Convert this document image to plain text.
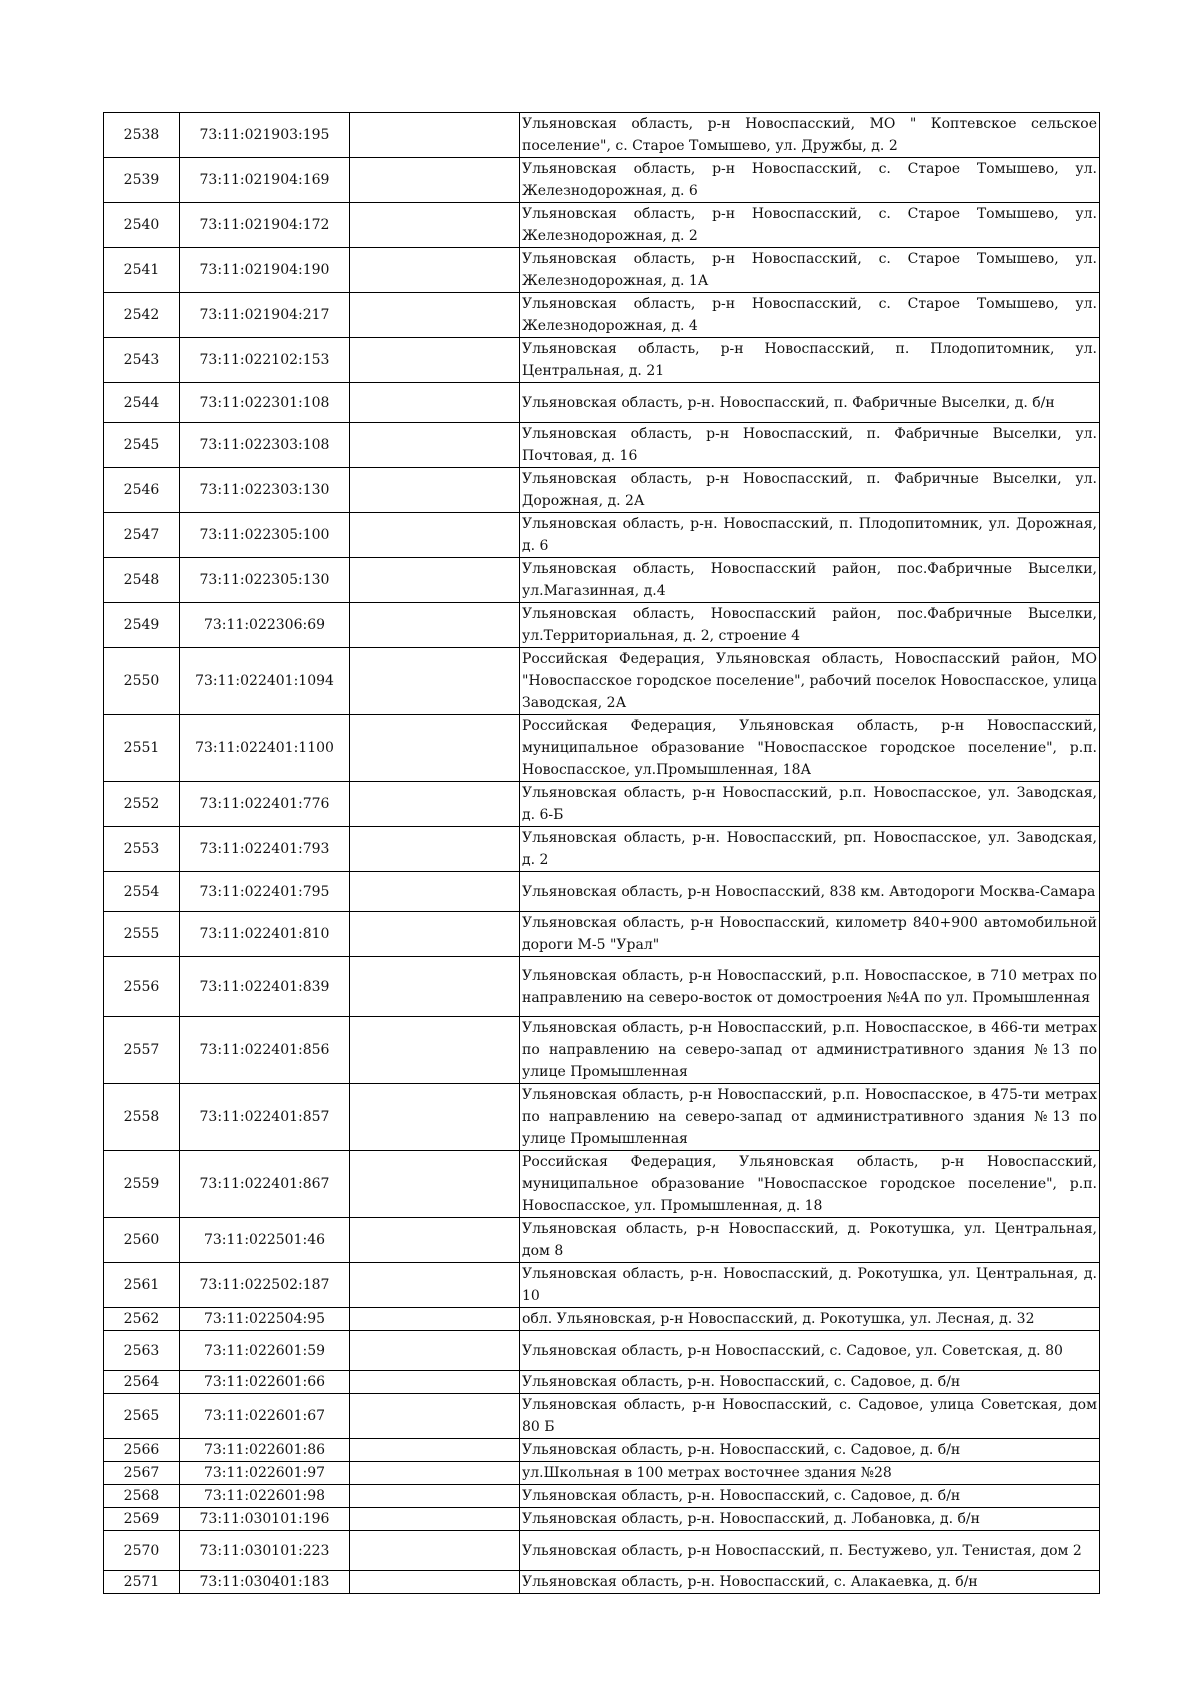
2538	73:11:021903:195		Ульяновская область, р-н Новоспасский, МО " Коптевское сельское поселение", с. Старое Томышево, ул. Дружбы, д. 2
2539	73:11:021904:169		Ульяновская область, р-н Новоспасский, с. Старое Томышево, ул. Железнодорожная, д. 6
2540	73:11:021904:172		Ульяновская область, р-н Новоспасский, с. Старое Томышево, ул. Железнодорожная, д. 2
2541	73:11:021904:190		Ульяновская область, р-н Новоспасский, с. Старое Томышево, ул. Железнодорожная, д. 1А
2542	73:11:021904:217		Ульяновская область, р-н Новоспасский, с. Старое Томышево, ул. Железнодорожная, д. 4
2543	73:11:022102:153		Ульяновская область, р-н Новоспасский, п. Плодопитомник, ул. Центральная, д. 21
2544	73:11:022301:108		Ульяновская область, р-н. Новоспасский, п. Фабричные Выселки, д. б/н
2545	73:11:022303:108		Ульяновская область, р-н Новоспасский, п. Фабричные Выселки, ул. Почтовая, д. 16
2546	73:11:022303:130		Ульяновская область, р-н Новоспасский, п. Фабричные Выселки, ул. Дорожная, д. 2А
2547	73:11:022305:100		Ульяновская область, р-н. Новоспасский, п. Плодопитомник, ул. Дорожная, д. 6
2548	73:11:022305:130		Ульяновская область, Новоспасский район, пос.Фабричные Выселки, ул.Магазинная, д.4
2549	73:11:022306:69		Ульяновская область, Новоспасский район, пос.Фабричные Выселки, ул.Территориальная, д. 2, строение 4
2550	73:11:022401:1094		Российская Федерация, Ульяновская область, Новоспасский район, МО "Новоспасское городское поселение", рабочий поселок Новоспасское, улица Заводская, 2А
2551	73:11:022401:1100		Российская Федерация, Ульяновская область, р-н Новоспасский, муниципальное образование "Новоспасское городское поселение", р.п. Новоспасское, ул.Промышленная, 18А
2552	73:11:022401:776		Ульяновская область, р-н Новоспасский, р.п. Новоспасское, ул. Заводская, д. 6-Б
2553	73:11:022401:793		Ульяновская область, р-н. Новоспасский, рп. Новоспасское, ул. Заводская, д. 2
2554	73:11:022401:795		Ульяновская область, р-н Новоспасский, 838 км. Автодороги Москва-Самара
2555	73:11:022401:810		Ульяновская область, р-н Новоспасский, километр 840+900 автомобильной дороги М-5 "Урал"
2556	73:11:022401:839		Ульяновская область, р-н Новоспасский, р.п. Новоспасское, в 710 метрах по направлению на северо-восток от домостроения №4А по ул. Промышленная
2557	73:11:022401:856		Ульяновская область, р-н Новоспасский, р.п. Новоспасское, в 466-ти метрах по направлению на северо-запад от административного здания №13 по улице Промышленная
2558	73:11:022401:857		Ульяновская область, р-н Новоспасский, р.п. Новоспасское, в 475-ти метрах по направлению на северо-запад от административного здания №13 по улице Промышленная
2559	73:11:022401:867		Российская Федерация, Ульяновская область, р-н Новоспасский, муниципальное образование "Новоспасское городское поселение", р.п. Новоспасское, ул. Промышленная, д. 18
2560	73:11:022501:46		Ульяновская область, р-н Новоспасский, д. Рокотушка, ул. Центральная, дом 8
2561	73:11:022502:187		Ульяновская область, р-н. Новоспасский, д. Рокотушка, ул. Центральная, д. 10
2562	73:11:022504:95		обл. Ульяновская, р-н Новоспасский, д. Рокотушка, ул. Лесная, д. 32
2563	73:11:022601:59		Ульяновская область, р-н Новоспасский, с. Садовое, ул. Советская, д. 80
2564	73:11:022601:66		Ульяновская область, р-н. Новоспасский, с. Садовое, д. б/н
2565	73:11:022601:67		Ульяновская область, р-н Новоспасский, с. Садовое, улица Советская, дом 80 Б
2566	73:11:022601:86		Ульяновская область, р-н. Новоспасский, с. Садовое, д. б/н
2567	73:11:022601:97		ул.Школьная в 100 метрах восточнее здания №28
2568	73:11:022601:98		Ульяновская область, р-н. Новоспасский, с. Садовое, д. б/н
2569	73:11:030101:196		Ульяновская область, р-н. Новоспасский, д. Лобановка, д. б/н
2570	73:11:030101:223		Ульяновская область, р-н Новоспасский, п. Бестужево, ул. Тенистая, дом 2
2571	73:11:030401:183		Ульяновская область, р-н. Новоспасский, с. Алакаевка, д. б/н
